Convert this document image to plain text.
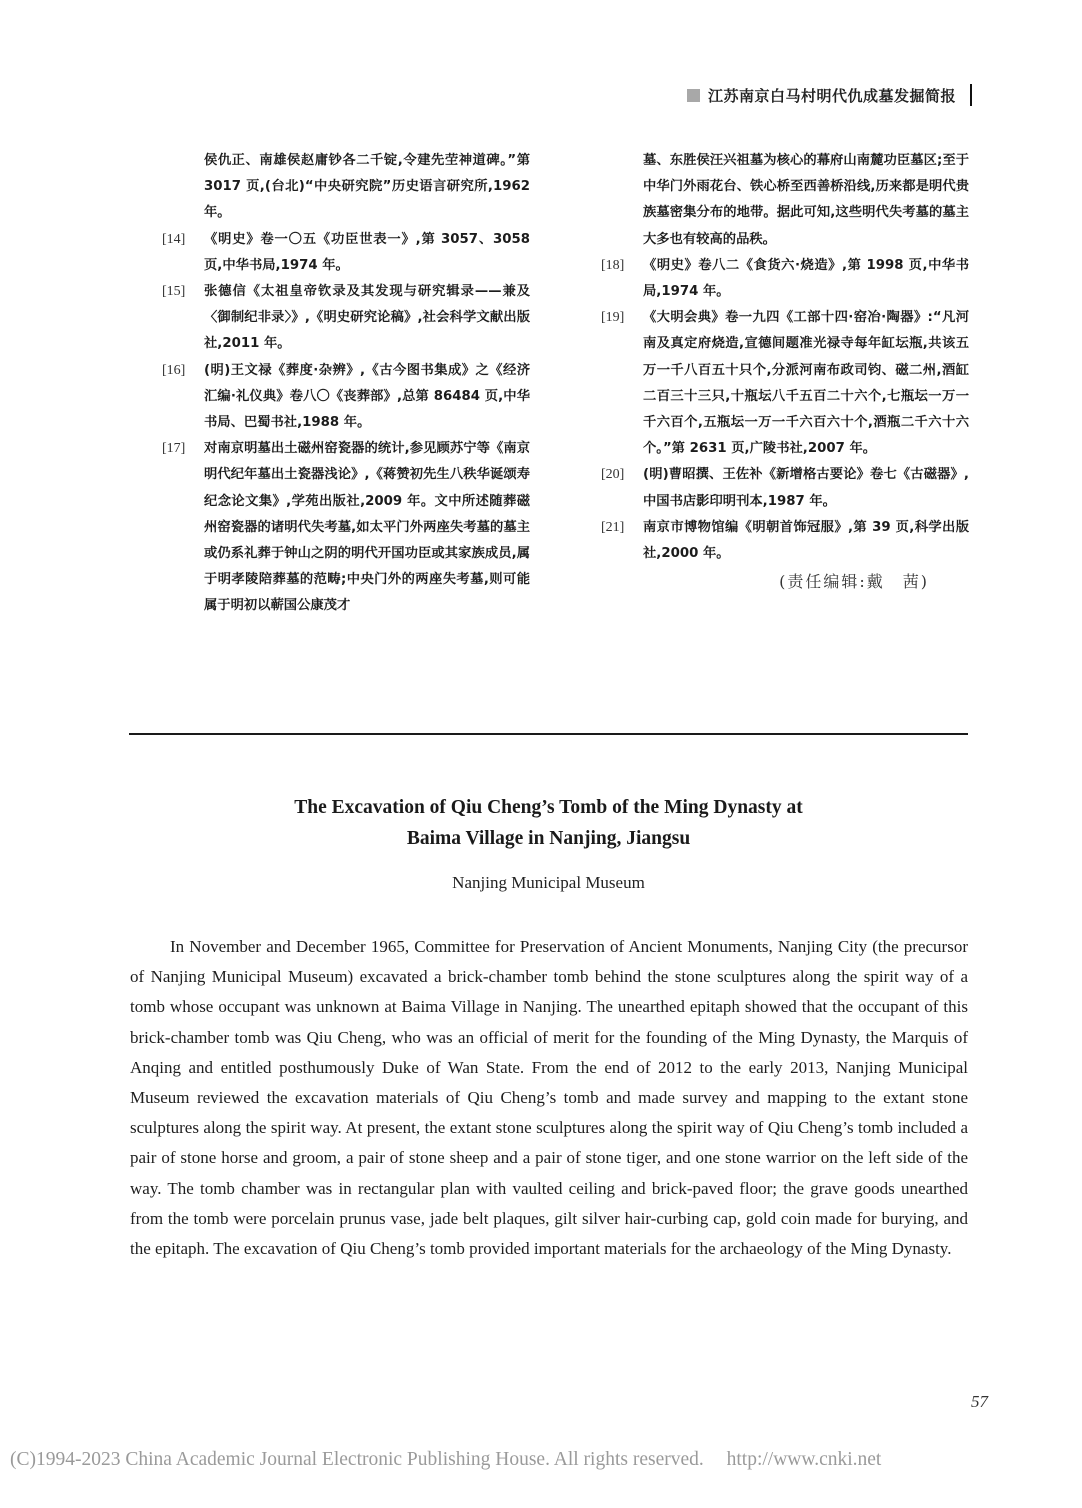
江苏南京白马村明代仇成墓发掘简报
侯仇正、南雄侯赵庸钞各二千锭,令建先茔神道碑。”第 3017 页,(台北)“中央研究院”历史语言研究所,1962 年。
[14] 《明史》卷一〇五《功臣世表一》,第 3057、3058 页,中华书局,1974 年。
[15] 张德信《太祖皇帝钦录及其发现与研究辑录——兼及〈御制纪非录〉》,《明史研究论稿》,社会科学文献出版社,2011 年。
[16] (明)王文禄《葬度·杂辨》,《古今图书集成》之《经济汇编·礼仪典》卷八〇《丧葬部》,总第 86484 页,中华书局、巴蜀书社,1988 年。
[17] 对南京明墓出土磁州窑瓷器的统计,参见顾苏宁等《南京明代纪年墓出土瓷器浅论》,《蒋赞初先生八秩华诞颂寿纪念论文集》,学苑出版社,2009 年。文中所述随葬磁州窑瓷器的诸明代失考墓,如太平门外两座失考墓的墓主或仍系礼葬于钟山之阴的明代开国功臣或其家族成员,属于明孝陵陪葬墓的范畴;中央门外的两座失考墓,则可能属于明初以蕲国公康茂才
墓、东胜侯汪兴祖墓为核心的幕府山南麓功臣墓区;至于中华门外雨花台、铁心桥至西善桥沿线,历来都是明代贵族墓密集分布的地带。据此可知,这些明代失考墓的墓主大多也有较高的品秩。
[18] 《明史》卷八二《食货六·烧造》,第 1998 页,中华书局,1974 年。
[19] 《大明会典》卷一九四《工部十四·窑冶·陶器》:“凡河南及真定府烧造,宣德间题准光禄寺每年缸坛瓶,共该五万一千八百五十只个,分派河南布政司钧、磁二州,酒缸二百三十三只,十瓶坛八千五百二十六个,七瓶坛一万一千六百个,五瓶坛一万一千六百六十个,酒瓶二千六十六个。”第 2631 页,广陵书社,2007 年。
[20] (明)曹昭撰、王佐补《新增格古要论》卷七《古磁器》,中国书店影印明刊本,1987 年。
[21] 南京市博物馆编《明朝首饰冠服》,第 39 页,科学出版社,2000 年。
(责任编辑:戴　茜)
The Excavation of Qiu Cheng’s Tomb of the Ming Dynasty at
Baima Village in Nanjing, Jiangsu
Nanjing Municipal Museum
In November and December 1965, Committee for Preservation of Ancient Monuments, Nanjing City (the precursor of Nanjing Municipal Museum) excavated a brick-chamber tomb behind the stone sculptures along the spirit way of a tomb whose occupant was unknown at Baima Village in Nanjing. The unearthed epitaph showed that the occupant of this brick-chamber tomb was Qiu Cheng, who was an official of merit for the founding of the Ming Dynasty, the Marquis of Anqing and entitled posthumously Duke of Wan State. From the end of 2012 to the early 2013, Nanjing Municipal Museum reviewed the excavation materials of Qiu Cheng’s tomb and made survey and mapping to the extant stone sculptures along the spirit way. At present, the extant stone sculptures along the spirit way of Qiu Cheng’s tomb included a pair of stone horse and groom, a pair of stone sheep and a pair of stone tiger, and one stone warrior on the left side of the way. The tomb chamber was in rectangular plan with vaulted ceiling and brick-paved floor; the grave goods unearthed from the tomb were porcelain prunus vase, jade belt plaques, gilt silver hair-curbing cap, gold coin made for burying, and the epitaph. The excavation of Qiu Cheng’s tomb provided important materials for the archaeology of the Ming Dynasty.
57
(C)1994-2023 China Academic Journal Electronic Publishing House. All rights reserved. http://www.cnki.net
